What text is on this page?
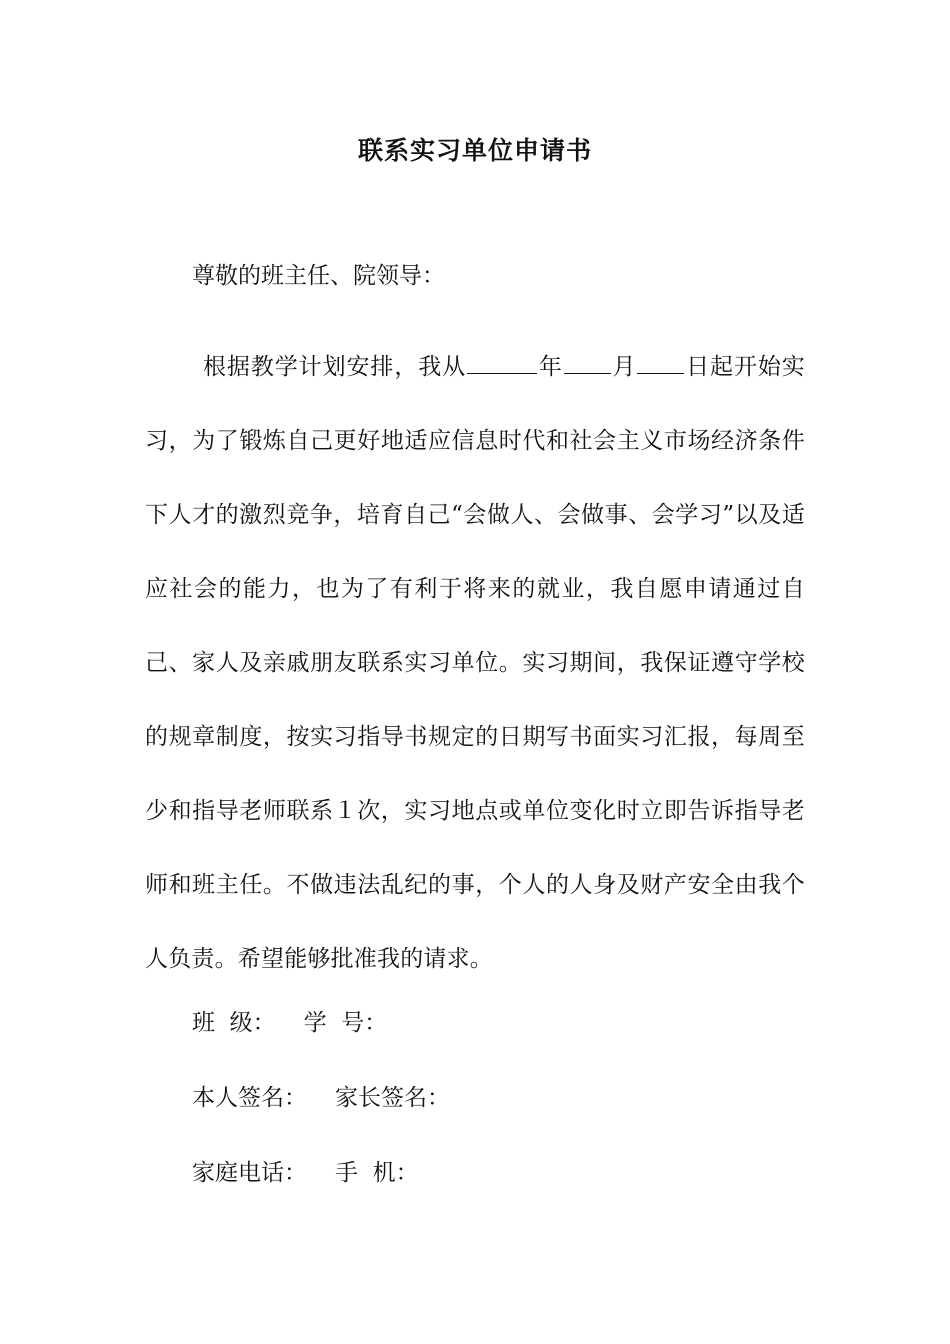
联系实习单位申请书
尊敬的班主任、院领导：
根据教学计划安排，我从	年 月 日起开始实习，为了锻炼自己更好地适应信息时代和社会主义市场经济条件下人才的激烈竞争，培育自己“会做人、会做事、会学习”以及适应社会的能力，也为了有利于将来的就业，我自愿申请通过自己、家人及亲戚朋友联系实习单位。实习期间，我保证遵守学校的规章制度，按实习指导书规定的日期写书面实习汇报，每周至少和指导老师联系１次，实习地点或单位变化时立即告诉指导老师和班主任。不做违法乱纪的事，个人的人身及财产安全由我个人负责。希望能够批准我的请求。
班  级： 学  号：
本人签名： 家长签名：
家庭电话： 手  机：
